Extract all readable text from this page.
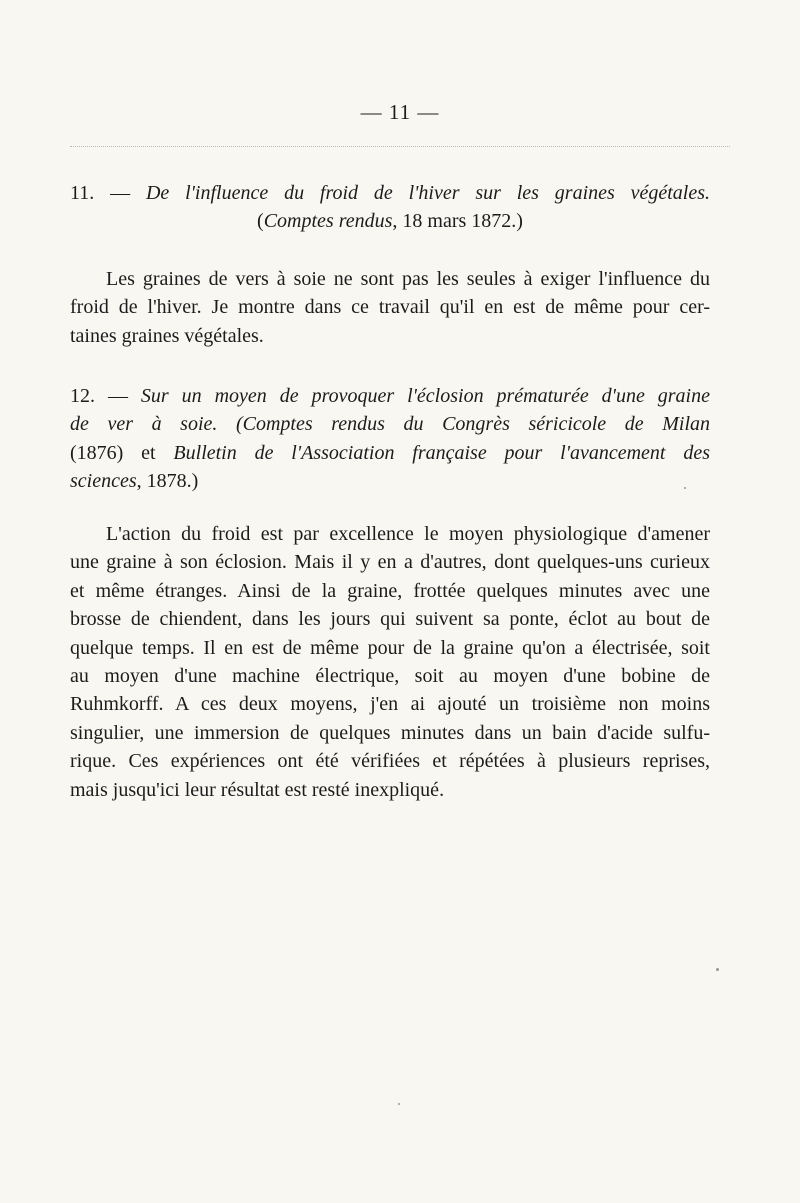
— 11 —
11. — De l'influence du froid de l'hiver sur les graines végétales.
(Comptes rendus, 18 mars 1872.)
Les graines de vers à soie ne sont pas les seules à exiger l'influence du
froid de l'hiver. Je montre dans ce travail qu'il en est de même pour cer-
taines graines végétales.
12. — Sur un moyen de provoquer l'éclosion prématurée d'une graine
de ver à soie. (Comptes rendus du Congrès séricicole de Milan
(1876) et Bulletin de l'Association française pour l'avancement des
sciences, 1878.)
L'action du froid est par excellence le moyen physiologique d'amener
une graine à son éclosion. Mais il y en a d'autres, dont quelques-uns curieux
et même étranges. Ainsi de la graine, frottée quelques minutes avec une
brosse de chiendent, dans les jours qui suivent sa ponte, éclot au bout de
quelque temps. Il en est de même pour de la graine qu'on a électrisée, soit
au moyen d'une machine électrique, soit au moyen d'une bobine de
Ruhmkorff. A ces deux moyens, j'en ai ajouté un troisième non moins
singulier, une immersion de quelques minutes dans un bain d'acide sulfu-
rique. Ces expériences ont été vérifiées et répétées à plusieurs reprises,
mais jusqu'ici leur résultat est resté inexpliqué.
